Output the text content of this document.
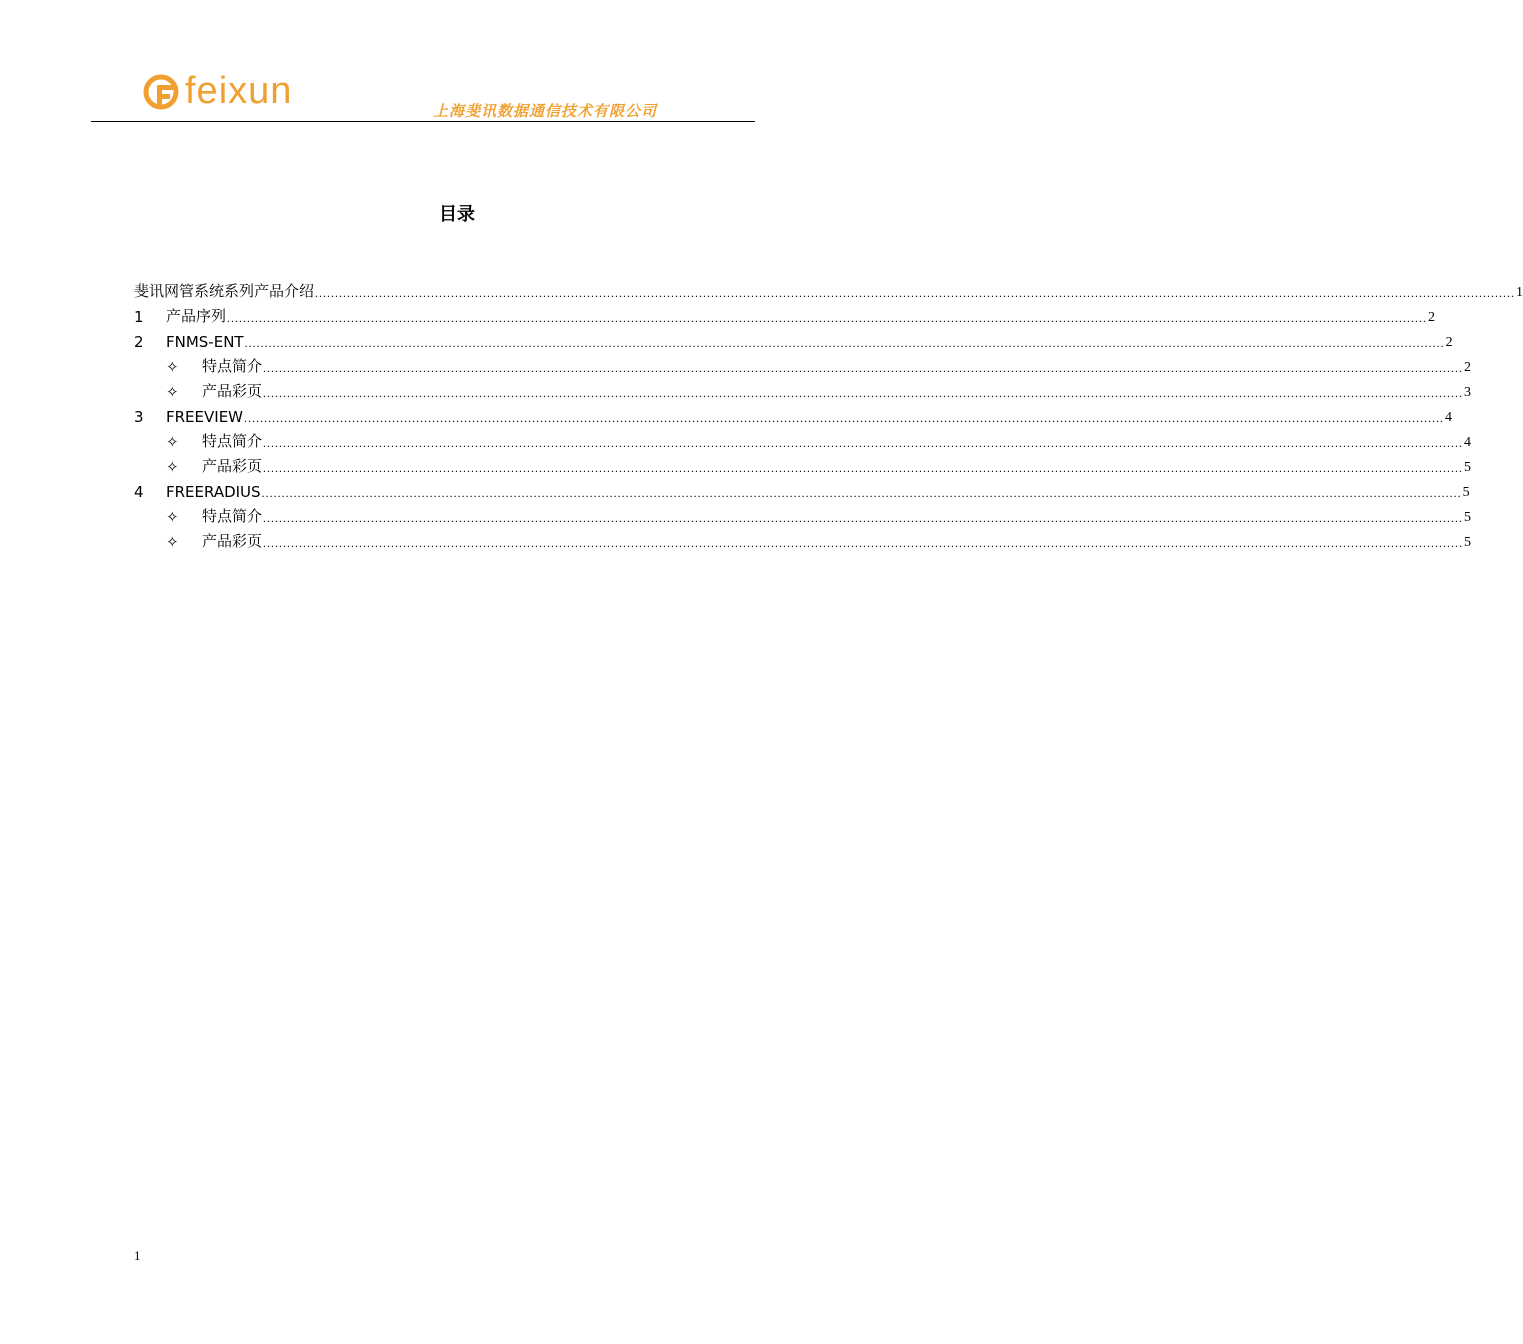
feixun	上海斐讯数据通信技术有限公司
目录
斐讯网管系统系列产品介绍 ............................................................................................................................................................................................................................................................................................................ 1
1	产品序列 ............................................................................................................................................................................................................................................................................................................ 2
2	FNMS-ENT ............................................................................................................................................................................................................................................................................................................ 2
✧	特点简介 ............................................................................................................................................................................................................................................................................................................ 2
✧	产品彩页 ............................................................................................................................................................................................................................................................................................................ 3
3	FREEVIEW ............................................................................................................................................................................................................................................................................................................ 4
✧	特点简介 ............................................................................................................................................................................................................................................................................................................ 4
✧	产品彩页 ............................................................................................................................................................................................................................................................................................................ 5
4	FREERADIUS ............................................................................................................................................................................................................................................................................................................ 5
✧	特点简介 ............................................................................................................................................................................................................................................................................................................ 5
✧	产品彩页 ............................................................................................................................................................................................................................................................................................................ 5
1
